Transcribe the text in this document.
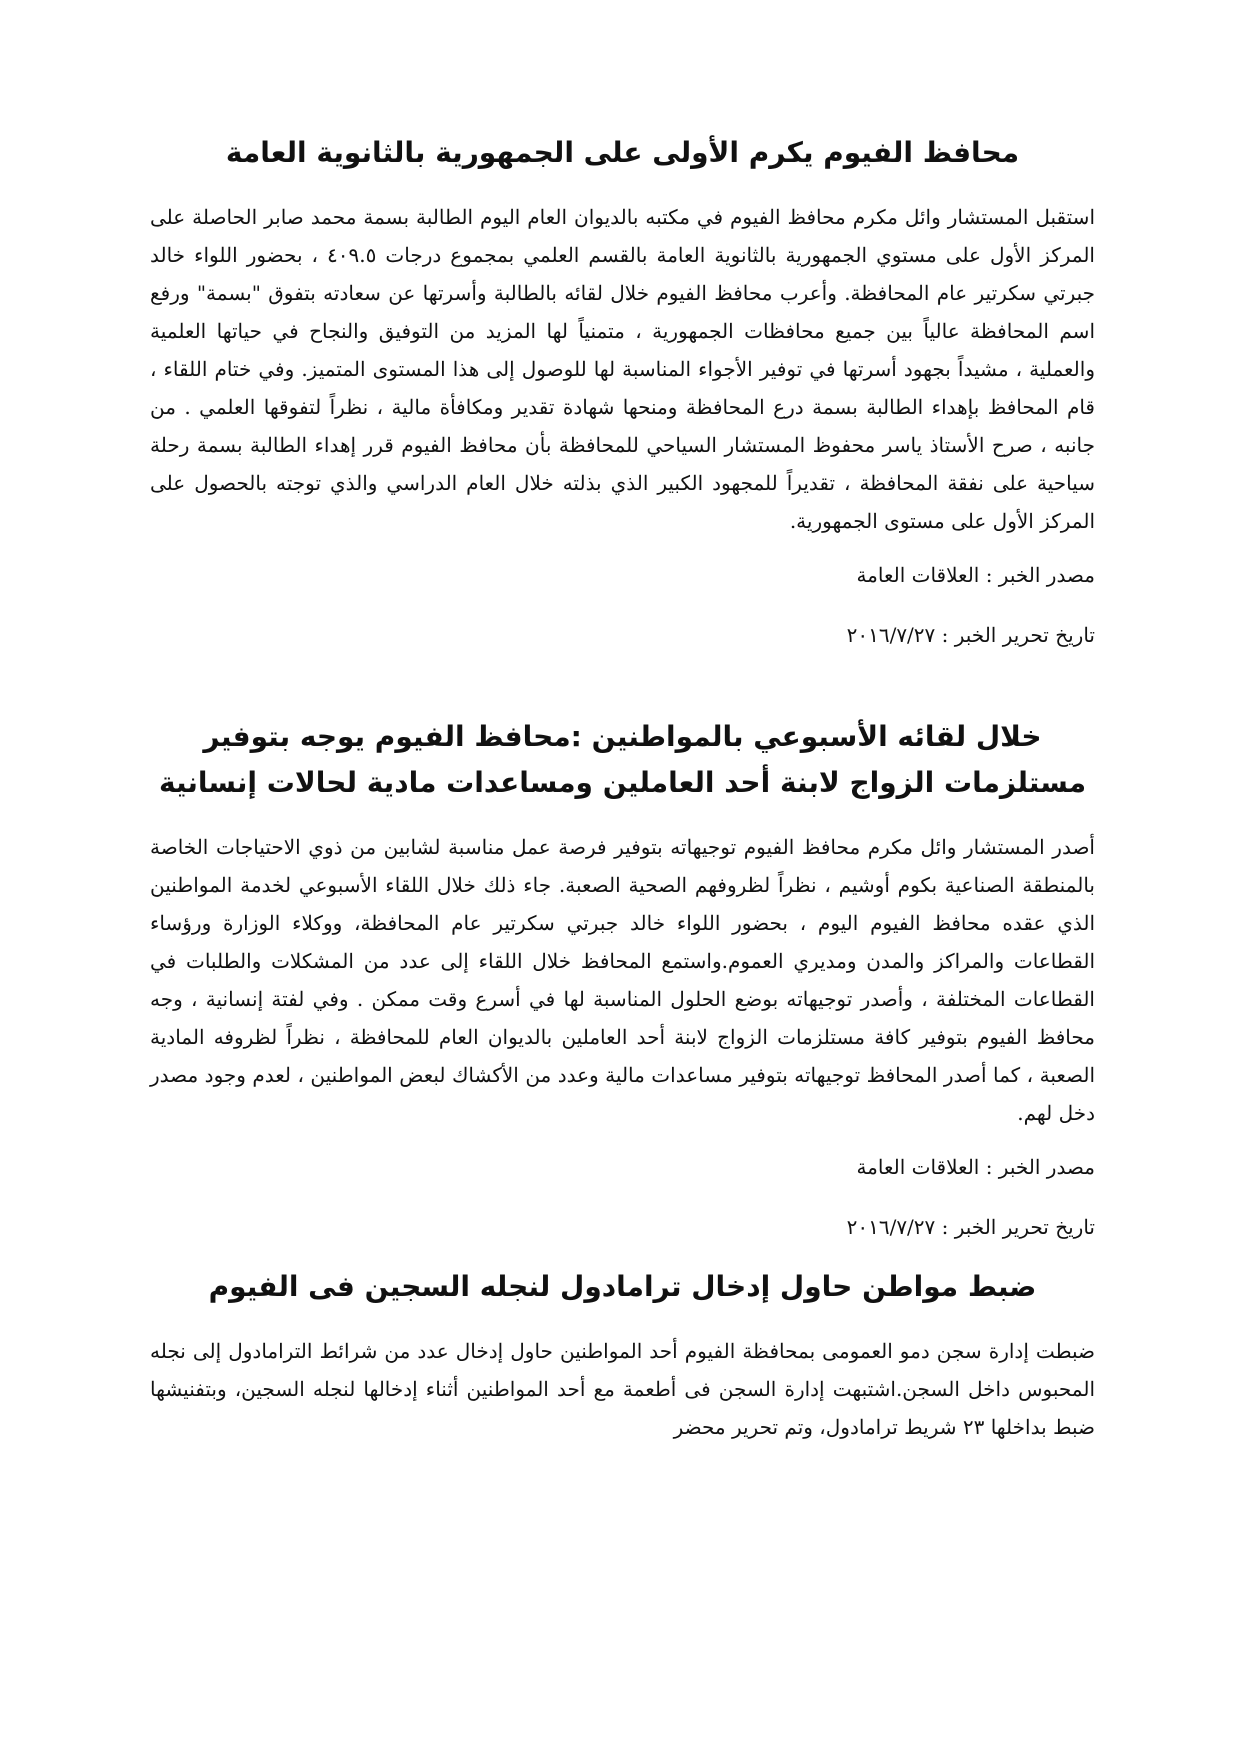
محافظ الفيوم يكرم الأولى على الجمهورية بالثانوية العامة

استقبل المستشار وائل مكرم محافظ الفيوم في مكتبه بالديوان العام اليوم الطالبة بسمة محمد صابر الحاصلة على المركز الأول على مستوي الجمهورية بالثانوية العامة بالقسم العلمي بمجموع درجات ٤٠٩.٥ ، بحضور اللواء خالد جبرتي سكرتير عام المحافظة. وأعرب محافظ الفيوم خلال لقائه بالطالبة وأسرتها عن سعادته بتفوق "بسمة" ورفع اسم المحافظة عالياً بين جميع محافظات الجمهورية ، متمنياً لها المزيد من التوفيق والنجاح في حياتها العلمية والعملية ، مشيداً بجهود أسرتها في توفير الأجواء المناسبة لها للوصول إلى هذا المستوى المتميز. وفي ختام اللقاء ، قام المحافظ بإهداء الطالبة بسمة درع المحافظة ومنحها شهادة تقدير ومكافأة مالية ، نظراً لتفوقها العلمي . من جانبه ، صرح الأستاذ ياسر محفوظ المستشار السياحي للمحافظة بأن محافظ الفيوم قرر إهداء الطالبة بسمة رحلة سياحية على نفقة المحافظة ، تقديراً للمجهود الكبير الذي بذلته خلال العام الدراسي والذي توجته بالحصول على المركز الأول على مستوى الجمهورية.

مصدر الخبر : العلاقات العامة

تاريخ تحرير الخبر : ٢٠١٦/٧/٢٧

خلال لقائه الأسبوعي بالمواطنين :محافظ الفيوم يوجه بتوفير مستلزمات الزواج لابنة أحد العاملين ومساعدات مادية لحالات إنسانية

أصدر المستشار وائل مكرم محافظ الفيوم توجيهاته بتوفير فرصة عمل مناسبة لشابين من ذوي الاحتياجات الخاصة بالمنطقة الصناعية بكوم أوشيم ، نظراً لظروفهم الصحية الصعبة. جاء ذلك خلال اللقاء الأسبوعي لخدمة المواطنين الذي عقده محافظ الفيوم اليوم ، بحضور اللواء خالد جبرتي سكرتير عام المحافظة، ووكلاء الوزارة ورؤساء القطاعات والمراكز والمدن ومديري العموم.واستمع المحافظ خلال اللقاء إلى عدد من المشكلات والطلبات في القطاعات المختلفة ، وأصدر توجيهاته بوضع الحلول المناسبة لها في أسرع وقت ممكن . وفي لفتة إنسانية ، وجه محافظ الفيوم بتوفير كافة مستلزمات الزواج لابنة أحد العاملين بالديوان العام للمحافظة ، نظراً لظروفه المادية الصعبة ، كما أصدر المحافظ توجيهاته بتوفير مساعدات مالية وعدد من الأكشاك لبعض المواطنين ، لعدم وجود مصدر دخل لهم.

مصدر الخبر : العلاقات العامة

تاريخ تحرير الخبر : ٢٠١٦/٧/٢٧

ضبط مواطن حاول إدخال ترامادول لنجله السجين فى الفيوم

ضبطت إدارة سجن دمو العمومى بمحافظة الفيوم أحد المواطنين حاول إدخال عدد من شرائط الترامادول إلى نجله المحبوس داخل السجن.اشتبهت إدارة السجن فى أطعمة مع أحد المواطنين أثناء إدخالها لنجله السجين، وبتفنيشها ضبط بداخلها ٢٣ شريط ترامادول، وتم تحرير محضر
